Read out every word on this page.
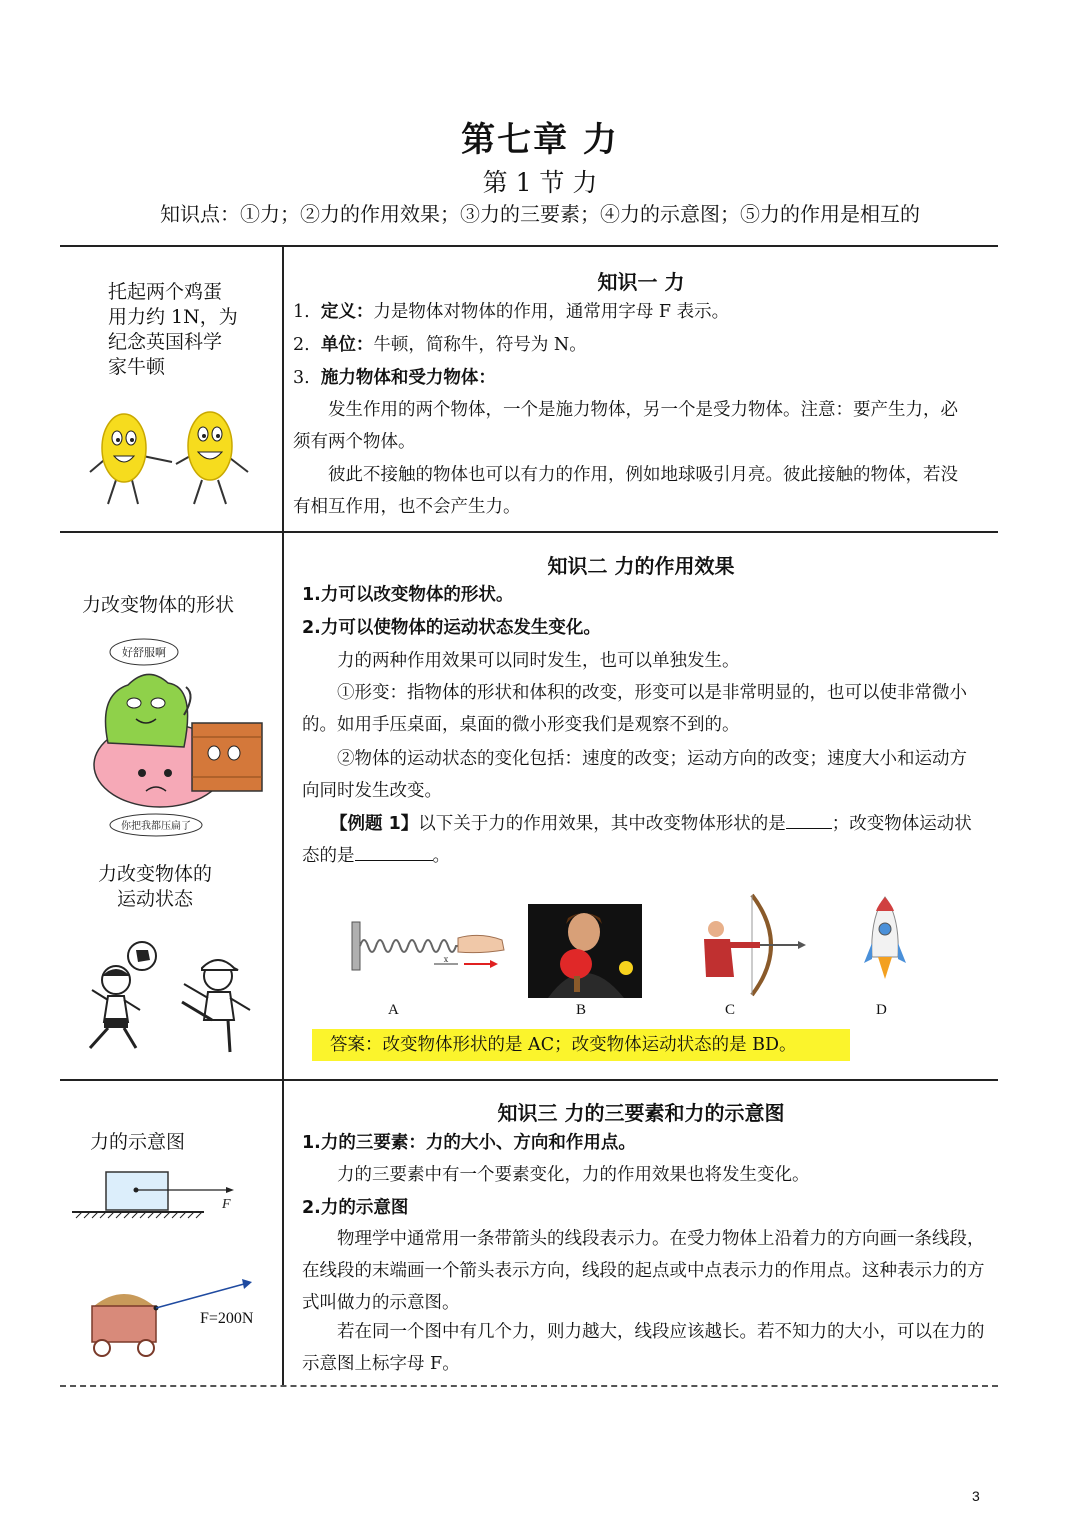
第七章 力
第 1 节 力
知识点：①力；②力的作用效果；③力的三要素；④力的示意图；⑤力的作用是相互的
托起两个鸡蛋用力约 1N，为纪念英国科学家牛顿
知识一 力
1. 定义：力是物体对物体的作用，通常用字母 F 表示。
2. 单位：牛顿，简称牛，符号为 N。
3. 施力物体和受力物体：
发生作用的两个物体，一个是施力物体，另一个是受力物体。注意：要产生力，必须有两个物体。
彼此不接触的物体也可以有力的作用，例如地球吸引月亮。彼此接触的物体，若没有相互作用，也不会产生力。
力改变物体的形状
好舒服啊
你把我都压扁了
力改变物体的运动状态
知识二 力的作用效果
1.力可以改变物体的形状。
2.力可以使物体的运动状态发生变化。
力的两种作用效果可以同时发生，也可以单独发生。
①形变：指物体的形状和体积的改变，形变可以是非常明显的，也可以使非常微小的。如用手压桌面，桌面的微小形变我们是观察不到的。
②物体的运动状态的变化包括：速度的改变；运动方向的改变；速度大小和运动方向同时发生改变。
【例题 1】以下关于力的作用效果，其中改变物体形状的是	；改变物体运动状态的是	。
x
A	B	C	D
答案：改变物体形状的是 AC；改变物体运动状态的是 BD。
力的示意图
F
F=200N
知识三 力的三要素和力的示意图
1.力的三要素：力的大小、方向和作用点。
力的三要素中有一个要素变化，力的作用效果也将发生变化。
2.力的示意图
物理学中通常用一条带箭头的线段表示力。在受力物体上沿着力的方向画一条线段，在线段的末端画一个箭头表示方向，线段的起点或中点表示力的作用点。这种表示力的方式叫做力的示意图。
若在同一个图中有几个力，则力越大，线段应该越长。若不知力的大小，可以在力的示意图上标字母 F。
3
